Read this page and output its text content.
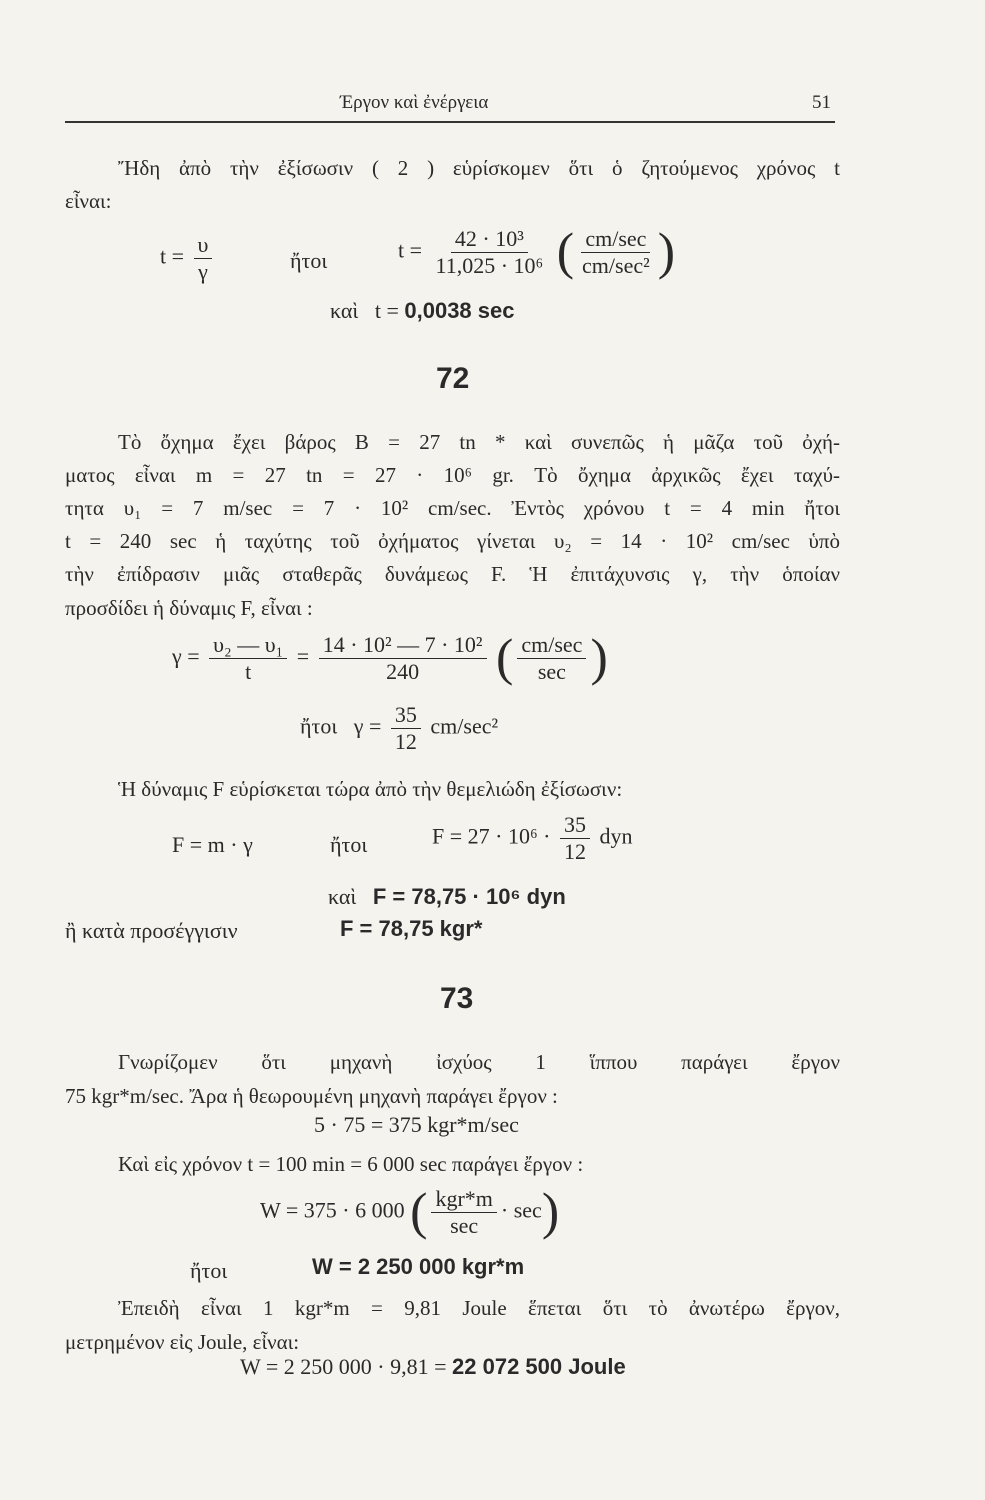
Έργον καὶ ἐνέργεια	51
Ἤδη ἀπὸ τὴν ἐξίσωσιν ( 2 ) εὑρίσκομεν ὅτι ὁ ζητούμενος χρόνος t
εἶναι:
$t = \frac{\upsilon}{\gamma}$	ἤτοι	$t = \frac{\text{42 · 10³}}{\text{11,025 · 10⁶}}$ ( $\frac{cm/\sec}{\text{cm/sec²}}$ )
καὶ t = 0,0038 sec
72
Τὸ ὄχημα ἔχει βάρος B = 27 tn * καὶ συνεπῶς ἡ μᾶζα τοῦ ὀχή-
ματος εἶναι m = 27 tn = 27 · 10⁶ gr. Τὸ ὄχημα ἀρχικῶς ἔχει ταχύ-
τητα υ₁ = 7 m/sec = 7 · 10² cm/sec. Ἐντὸς χρόνου t = 4 min ἤτοι
t = 240 sec ἡ ταχύτης τοῦ ὀχήματος γίνεται υ₂ = 14 · 10² cm/sec ὑπὸ
τὴν ἐπίδρασιν μιᾶς σταθερᾶς δυνάμεως F. Ἡ ἐπιτάχυνσις γ, τὴν ὁποίαν
προσδίδει ἡ δύναμις F, εἶναι :
$\gamma = \frac{\text{υ₂ — υ₁}}{t} = \frac{\text{14 · 10² — 7 · 10²}}{240}$ ( $\frac{cm/\sec}{\sec}$ )
ἤτοι $\gamma = \frac{35}{12} cm/\sec^2$
Ἡ δύναμις F εὑρίσκεται τώρα ἀπὸ τὴν θεμελιώδη ἐξίσωσιν:
F = m · γ	ἤτοι	$F = 27 \cdot 10^6 \cdot \frac{35}{12}$ dyn
καὶ F = 78,75 · 10⁶ dyn
ἢ κατὰ προσέγγισιν	F = 78,75 kgr*
73
Γνωρίζομεν ὅτι μηχανὴ ἰσχύος 1 ἵππου παράγει ἔργον
75 kgr*m/sec. Ἄρα ἡ θεωρουμένη μηχανὴ παράγει ἔργον :
5 · 75 = 375 kgr*m/sec
Καὶ εἰς χρόνον t = 100 min = 6 000 sec παράγει ἔργον :
W = 375 · 6 000 ( $\frac{\text{kgr*m}}{\sec} \cdot \sec$)
ἤτοι	W = 2 250 000 kgr*m
Ἐπειδὴ εἶναι 1 kgr*m = 9,81 Joule ἕπεται ὅτι τὸ ἀνωτέρω ἔργον,
μετρημένον εἰς Joule, εἶναι:
W = 2 250 000 · 9,81 = 22 072 500 Joule
